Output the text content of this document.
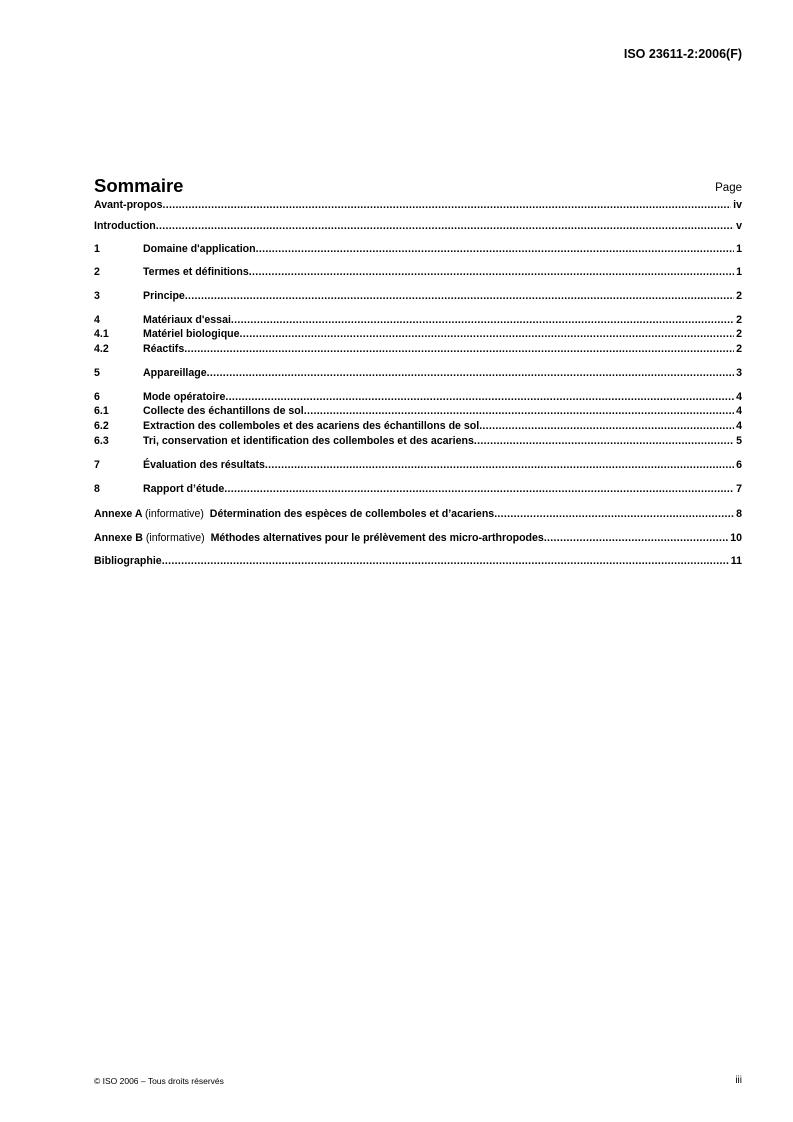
ISO 23611-2:2006(F)
Sommaire	Page
Avant-propos .....	iv
Introduction .....	v
1	Domaine d'application .....	1
2	Termes et définitions .....	1
3	Principe .....	2
4	Matériaux d'essai .....	2
4.1	Matériel biologique .....	2
4.2	Réactifs .....	2
5	Appareillage .....	3
6	Mode opératoire .....	4
6.1	Collecte des échantillons de sol .....	4
6.2	Extraction des collemboles et des acariens des échantillons de sol .....	4
6.3	Tri, conservation et identification des collemboles et des acariens .....	5
7	Évaluation des résultats .....	6
8	Rapport d’étude .....	7
Annexe A (informative) Détermination des espèces de collemboles et d’acariens .....	8
Annexe B (informative) Méthodes alternatives pour le prélèvement des micro-arthropodes .....	10
Bibliographie .....	11
© ISO 2006 – Tous droits réservés	iii
